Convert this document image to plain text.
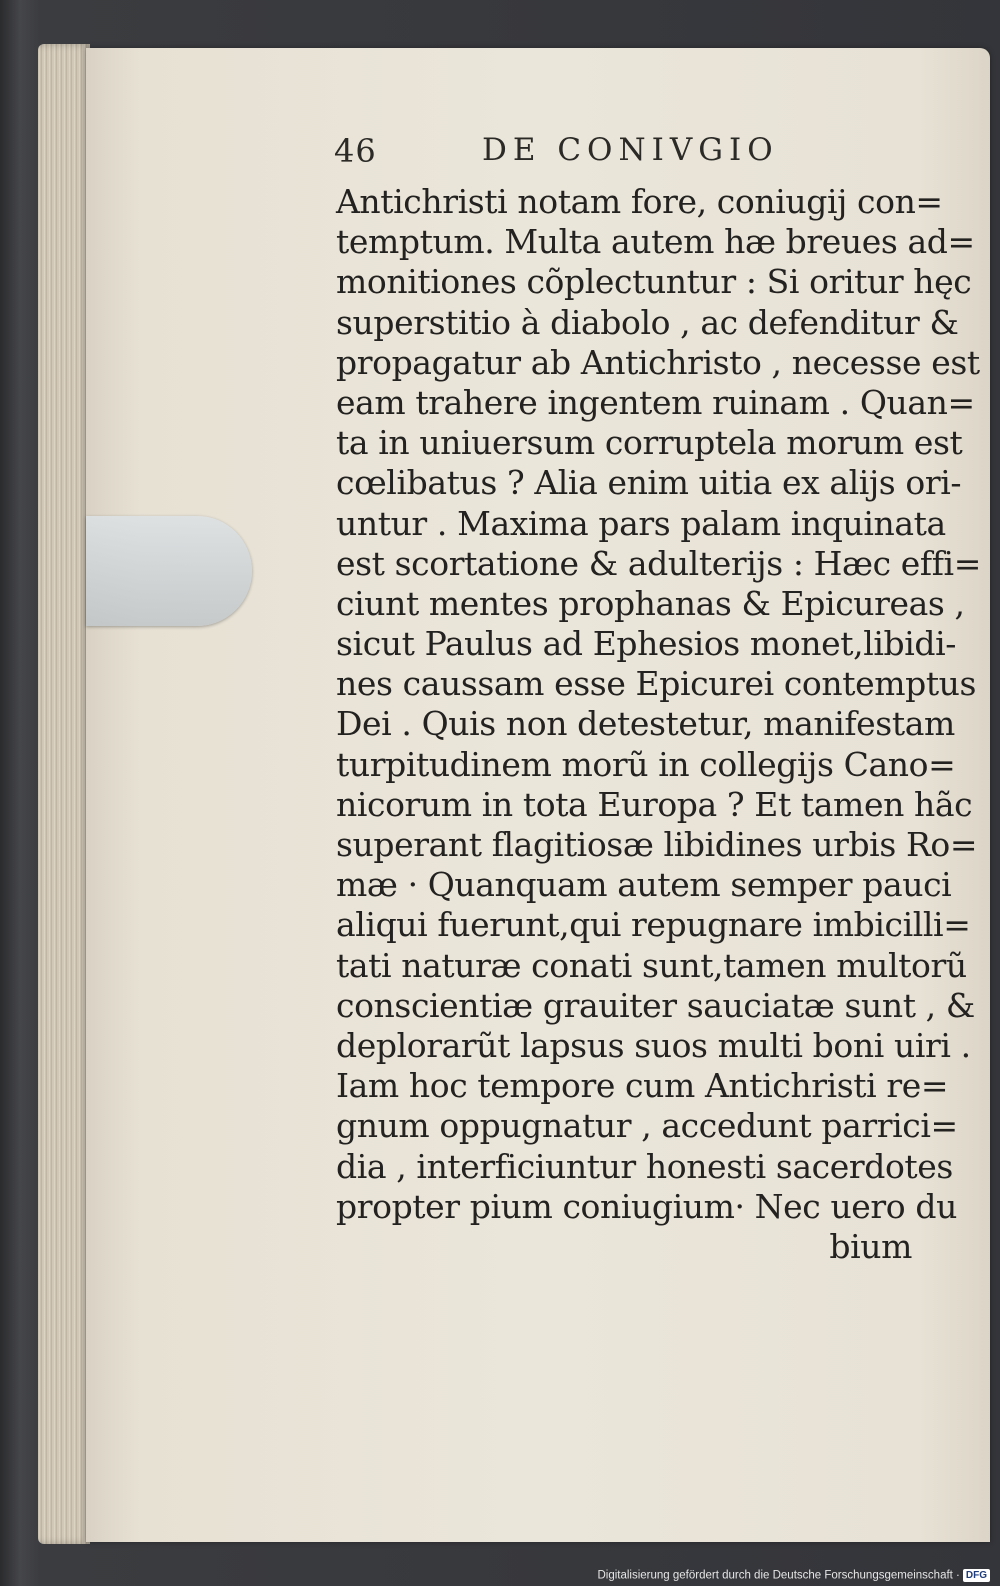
46	DE CONIVGIO
Antichristi notam fore, coniugij con=
temptum. Multa autem hæ breues ad=
monitiones cõplectuntur : Si oritur hęc
superstitio à diabolo , ac defenditur &
propagatur ab Antichristo , necesse est
eam trahere ingentem ruinam . Quan=
ta in uniuersum corruptela morum est
cœlibatus ? Alia enim uitia ex alijs ori-
untur . Maxima pars palam inquinata
est scortatione & adulterijs : Hæc effi=
ciunt mentes prophanas & Epicureas ,
sicut Paulus ad Ephesios monet,libidi-
nes caussam esse Epicurei contemptus
Dei . Quis non detestetur, manifestam
turpitudinem morũ in collegijs Cano=
nicorum in tota Europa ? Et tamen hãc
superant flagitiosæ libidines urbis Ro=
mæ · Quanquam autem semper pauci
aliqui fuerunt,qui repugnare imbicilli=
tati naturæ conati sunt,tamen multorũ
conscientiæ grauiter sauciatæ sunt , &
deplorarũt lapsus suos multi boni uiri .
Iam hoc tempore cum Antichristi re=
gnum oppugnatur , accedunt parrici=
dia , interficiuntur honesti sacerdotes
propter pium coniugium· Nec uero du
bium
Digitalisierung gefördert durch die Deutsche Forschungsgemeinschaft · DFG
